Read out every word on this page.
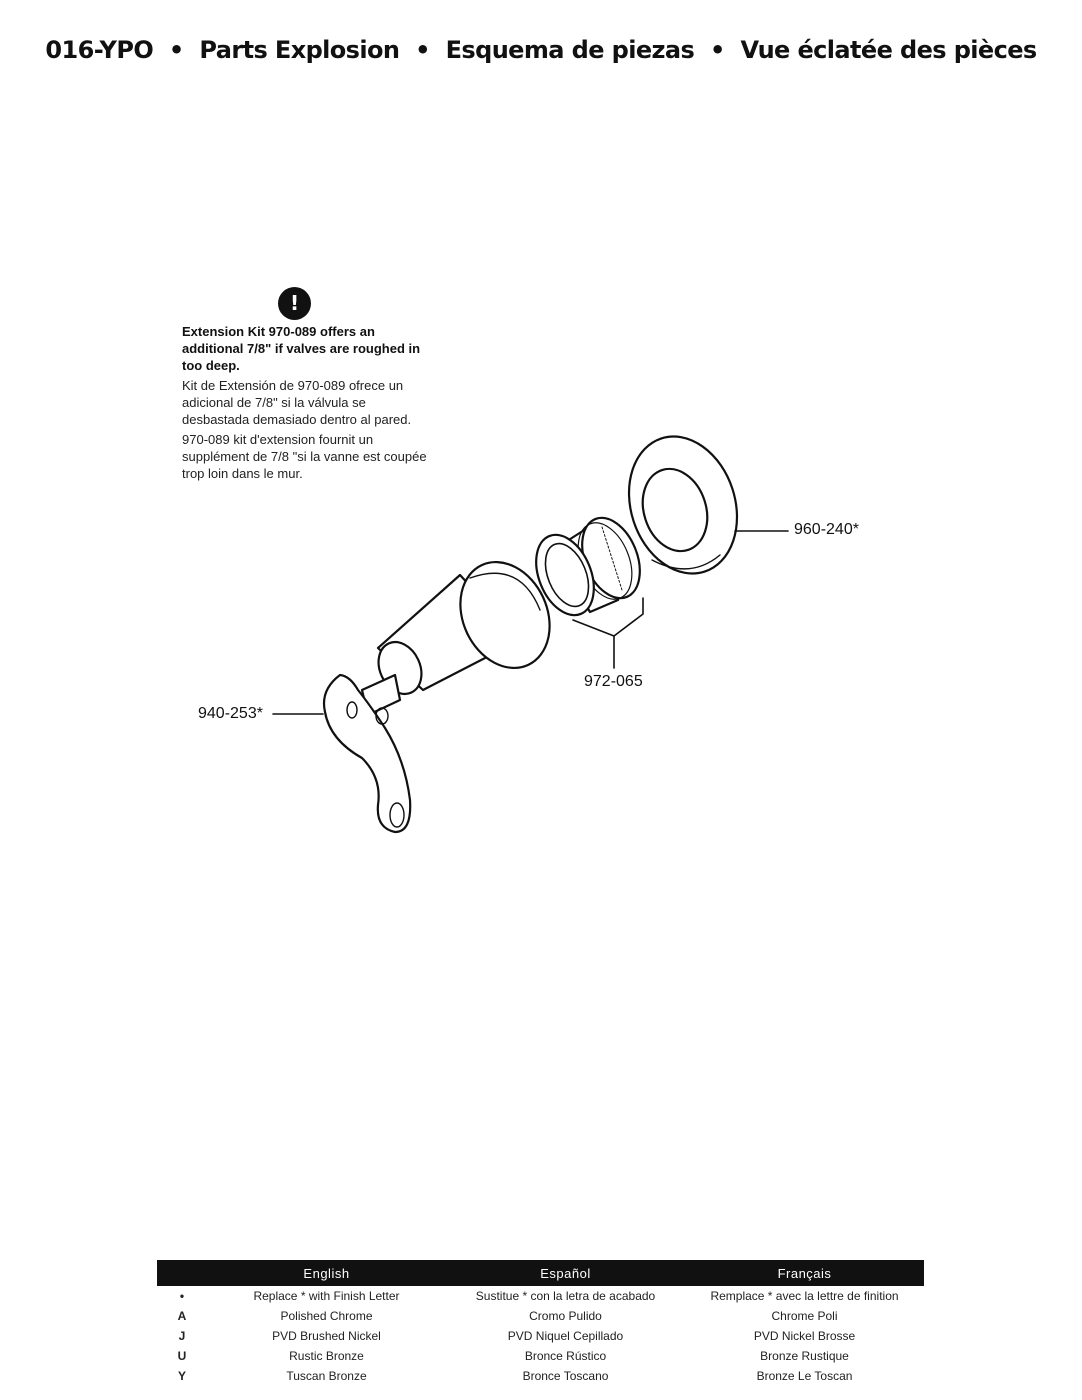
016-YPO • Parts Explosion • Esquema de piezas • Vue éclatée des pièces
!

Extension Kit 970-089 offers an additional 7/8" if valves are roughed in too deep.

Kit de Extensión de 970-089 ofrece un adicional de 7/8" si la válvula se desbastada demasiado dentro al pared.

970-089 kit d'extension fournit un supplément de 7/8 "si la vanne est coupée trop loin dans le mur.

960-240*
972-065
940-253*
	English	Español	Français
•	Replace * with Finish Letter	Sustitue * con la letra de acabado	Remplace * avec la lettre de finition
A	Polished Chrome	Cromo Pulido	Chrome Poli
J	PVD Brushed Nickel	PVD Niquel Cepillado	PVD Nickel Brosse
U	Rustic Bronze	Bronce Rústico	Bronze Rustique
Y	Tuscan Bronze	Bronce Toscano	Bronze Le Toscan
